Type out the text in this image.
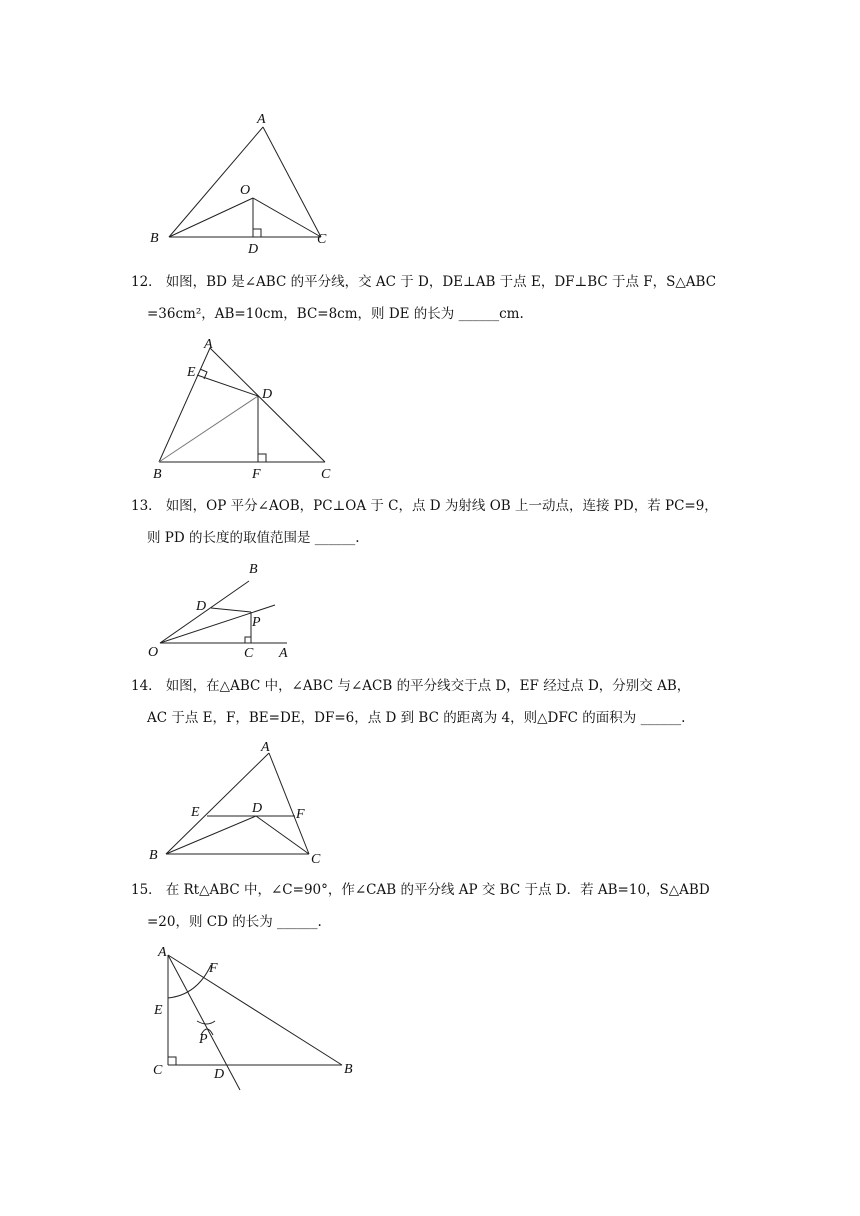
A
O
B
D
C
12． 如图，BD 是∠ABC 的平分线，交 AC 于 D，DE⊥AB 于点 E，DF⊥BC 于点 F，S△ABC
=36cm²，AB=10cm，BC=8cm，则 DE 的长为 ______cm.
A
E
D
B	F	C
13． 如图，OP 平分∠AOB，PC⊥OA 于 C，点 D 为射线 OB 上一动点，连接 PD，若 PC=9，
则 PD 的长度的取值范围是 ______.
B
D
P
O	C A
14． 如图，在△ABC 中，∠ABC 与∠ACB 的平分线交于点 D，EF 经过点 D，分别交 AB，
AC 于点 E，F，BE=DE，DF=6，点 D 到 BC 的距离为 4，则△DFC 的面积为 ______.
A
E	D F
B	C
15． 在 Rt△ABC 中，∠C=90°，作∠CAB 的平分线 AP 交 BC 于点 D．若 AB=10，S△ABD
=20，则 CD 的长为 ______.
A
F
E
P
C	D	B
